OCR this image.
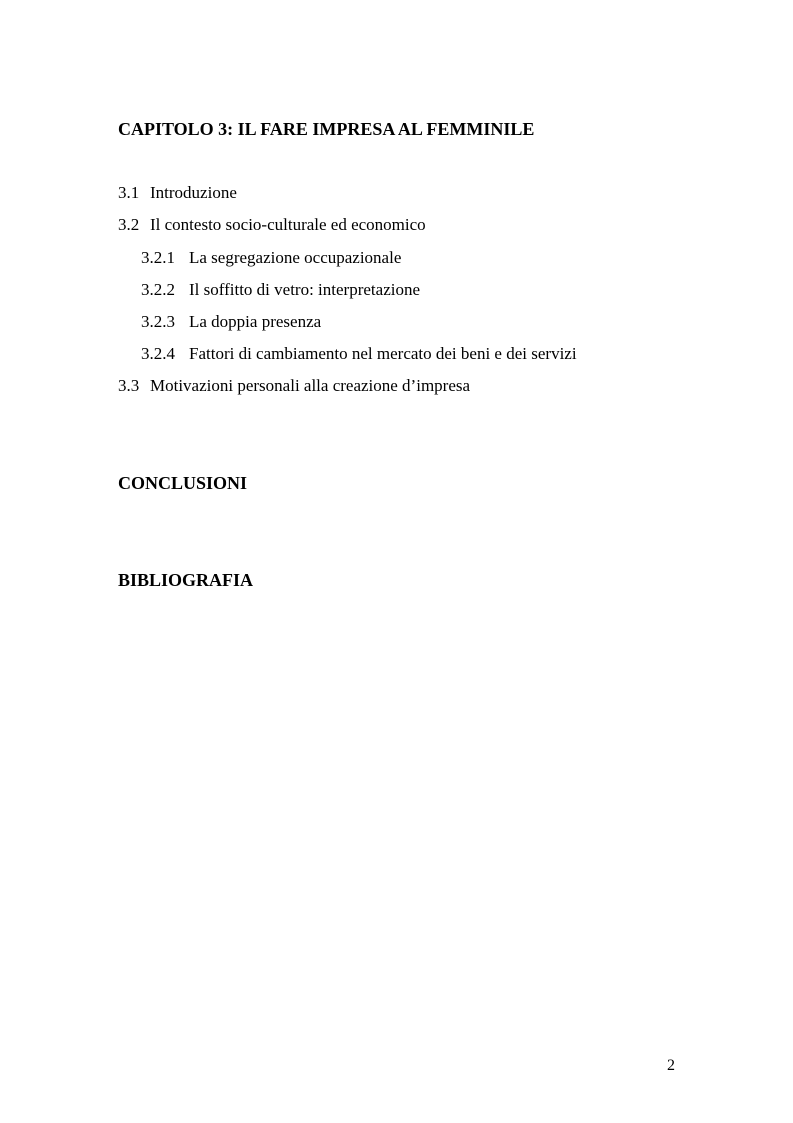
CAPITOLO 3: IL FARE IMPRESA AL FEMMINILE
3.1 Introduzione
3.2 Il contesto socio-culturale ed economico
3.2.1 La segregazione occupazionale
3.2.2 Il soffitto di vetro: interpretazione
3.2.3 La doppia presenza
3.2.4 Fattori di cambiamento nel mercato dei beni e dei servizi
3.3 Motivazioni personali alla creazione d’impresa
CONCLUSIONI
BIBLIOGRAFIA
2
